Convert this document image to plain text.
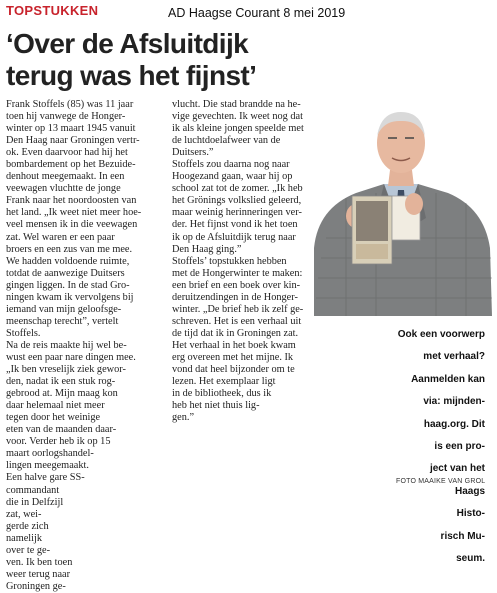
TOPSTUKKEN	AD Haagse Courant 8 mei 2019
‘Over de Afsluitdijk
terug was het fijnst’

Frank Stoffels (85) was 11 jaar

toen hij vanwege de Honger-

winter op 13 maart 1945 vanuit

Den Haag naar Groningen vertr-

ok. Even daarvoor had hij het

bombardement op het Bezuide-

denhout meegemaakt. In een

veewagen vluchtte de jonge

Frank naar het noordoosten van

het land. „Ik weet niet meer hoe-

veel mensen ik in die veewagen

zat. Wel waren er een paar

broers en een zus van me mee.

We hadden voldoende ruimte,

totdat de aanwezige Duitsers

gingen liggen. In de stad Gro-

ningen kwam ik vervolgens bij

iemand van mijn geloofsge-

meenschap terecht”, vertelt

Stoffels.

Na de reis maakte hij wel be-

wust een paar nare dingen mee.

„Ik ben vreselijk ziek gewor-

den, nadat ik een stuk rog-

gebrood at. Mijn maag kon

daar helemaal niet meer

tegen door het weinige

eten van de maanden daar-

voor. Verder heb ik op 15

maart oorlogshandel-

lingen meegemaakt.

Een halve gare SS-

commandant

die in Delfzijl

zat, wei-

gerde zich

namelijk

over te ge-

ven. Ik ben toen

weer terug naar

Groningen ge-

vlucht. Die stad brandde na he-

vige gevechten. Ik weet nog dat

ik als kleine jongen speelde met

de luchtdoelafweer van de

Duitsers.”

Stoffels zou daarna nog naar

Hoogezand gaan, waar hij op

school zat tot de zomer. „Ik heb

het Grönings volkslied geleerd,

maar weinig herinneringen ver-

der. Het fijnst vond ik het toen

ik op de Afsluitdijk terug naar

Den Haag ging.”

Stoffels’ topstukken hebben

met de Hongerwinter te maken:

een brief en een boek over kin-

deruitzendingen in de Honger-

winter. „De brief heb ik zelf ge-

schreven. Het is een verhaal uit

de tijd dat ik in Groningen zat.

Het verhaal in het boek kwam

erg overeen met het mijne. Ik

vond dat heel bijzonder om te

lezen. Het exemplaar ligt

in de bibliotheek, dus ik

heb het niet thuis lig-

gen.”

Ook een voorwerp

met verhaal?

Aanmelden kan

via: mijnden-

haag.org. Dit

is een pro-

ject van het

Haags

Histo-

risch Mu-

seum.

FOTO MAAIKE VAN GROL
